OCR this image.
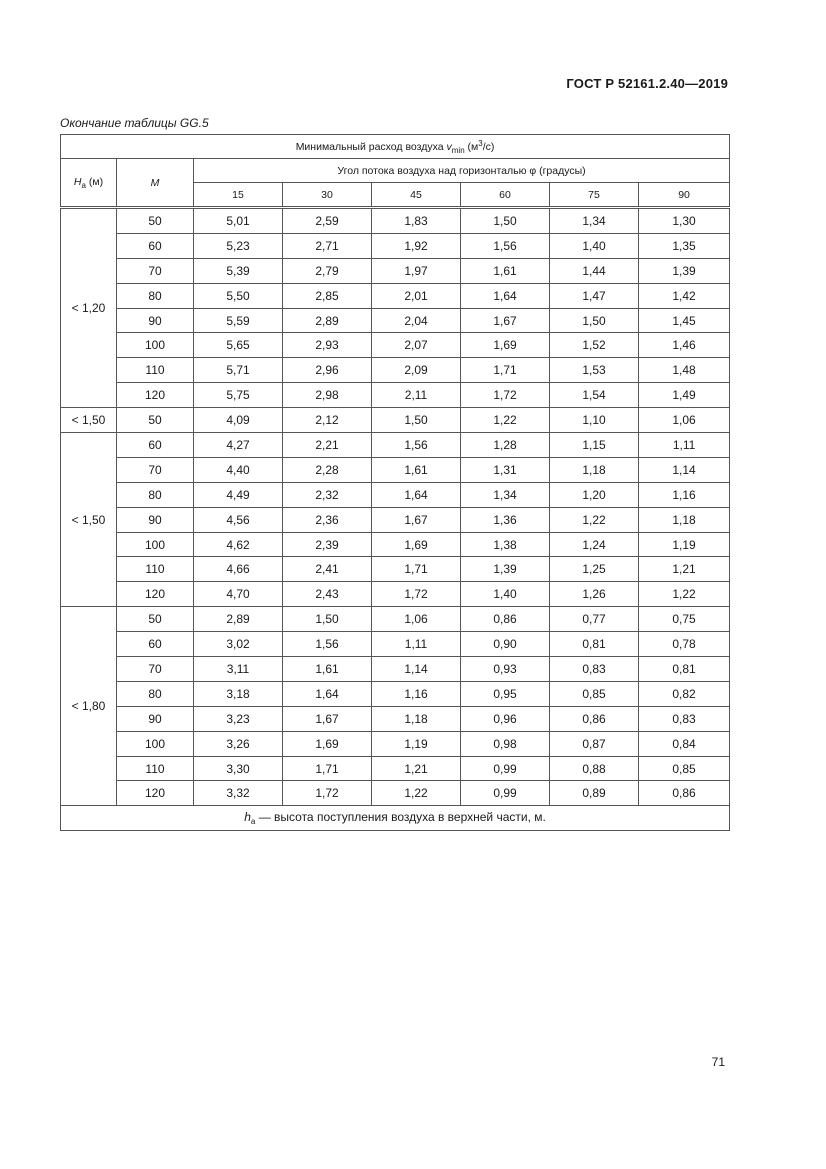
ГОСТ Р 52161.2.40—2019
Окончание таблицы GG.5
Минимальный расход воздуха $v_{min}$ $(м^3/с)$							
$H_a$ (м)	M	Угол потока воздуха над горизонталью φ (градусы)					
		15	30	45	60	75	90
< 1,20	50	5,01	2,59	1,83	1,50	1,34	1,30
	60	5,23	2,71	1,92	1,56	1,40	1,35
	70	5,39	2,79	1,97	1,61	1,44	1,39
	80	5,50	2,85	2,01	1,64	1,47	1,42
	90	5,59	2,89	2,04	1,67	1,50	1,45
	100	5,65	2,93	2,07	1,69	1,52	1,46
	110	5,71	2,96	2,09	1,71	1,53	1,48
	120	5,75	2,98	2,11	1,72	1,54	1,49
< 1,50	50	4,09	2,12	1,50	1,22	1,10	1,06
< 1,50	60	4,27	2,21	1,56	1,28	1,15	1,11
	70	4,40	2,28	1,61	1,31	1,18	1,14
	80	4,49	2,32	1,64	1,34	1,20	1,16
	90	4,56	2,36	1,67	1,36	1,22	1,18
	100	4,62	2,39	1,69	1,38	1,24	1,19
	110	4,66	2,41	1,71	1,39	1,25	1,21
	120	4,70	2,43	1,72	1,40	1,26	1,22
< 1,80	50	2,89	1,50	1,06	0,86	0,77	0,75
	60	3,02	1,56	1,11	0,90	0,81	0,78
	70	3,11	1,61	1,14	0,93	0,83	0,81
	80	3,18	1,64	1,16	0,95	0,85	0,82
	90	3,23	1,67	1,18	0,96	0,86	0,83
	100	3,26	1,69	1,19	0,98	0,87	0,84
	110	3,30	1,71	1,21	0,99	0,88	0,85
	120	3,32	1,72	1,22	0,99	0,89	0,86
$h_a$ — высота поступления воздуха в верхней части, м.							
71
